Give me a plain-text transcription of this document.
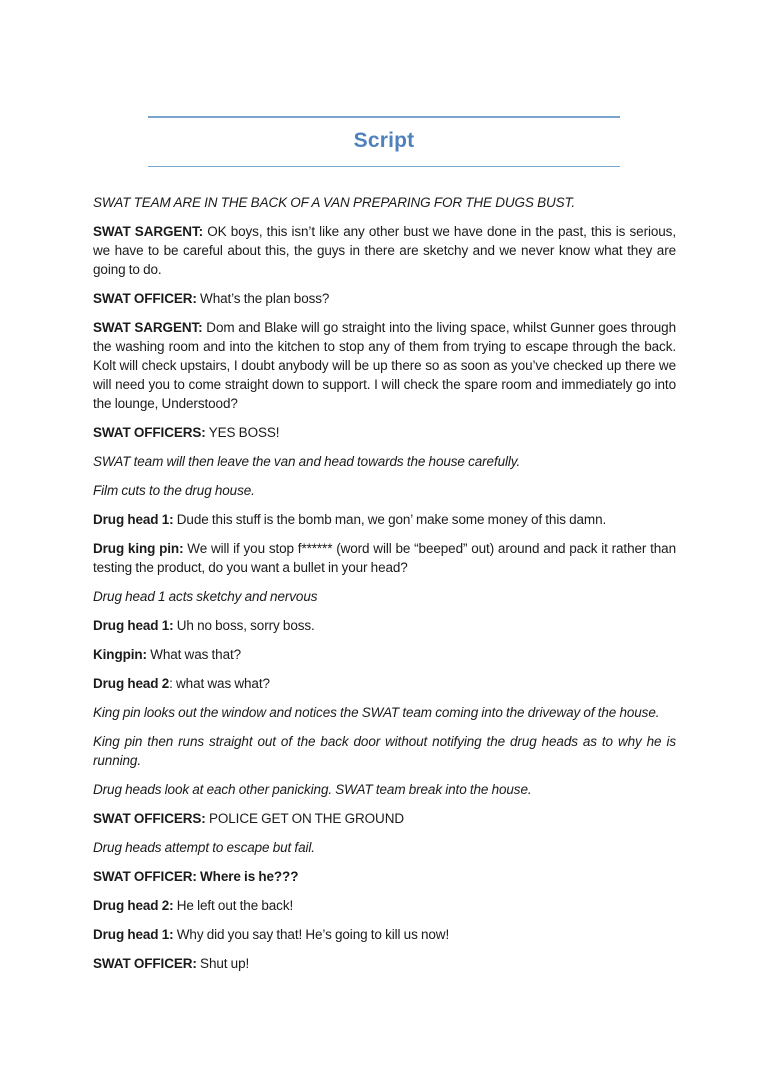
Script

SWAT TEAM ARE IN THE BACK OF A VAN PREPARING FOR THE DUGS BUST.

SWAT SARGENT: OK boys, this isn’t like any other bust we have done in the past, this is serious, we have to be careful about this, the guys in there are sketchy and we never know what they are going to do.

SWAT OFFICER: What’s the plan boss?

SWAT SARGENT: Dom and Blake will go straight into the living space, whilst Gunner goes through the washing room and into the kitchen to stop any of them from trying to escape through the back. Kolt will check upstairs, I doubt anybody will be up there so as soon as you’ve checked up there we will need you to come straight down to support. I will check the spare room and immediately go into the lounge, Understood?

SWAT OFFICERS: YES BOSS!

SWAT team will then leave the van and head towards the house carefully.

Film cuts to the drug house.

Drug head 1: Dude this stuff is the bomb man, we gon’ make some money of this damn.

Drug king pin: We will if you stop f****** (word will be “beeped” out) around and pack it rather than testing the product, do you want a bullet in your head?

Drug head 1 acts sketchy and nervous

Drug head 1: Uh no boss, sorry boss.

Kingpin: What was that?

Drug head 2: what was what?

King pin looks out the window and notices the SWAT team coming into the driveway of the house.

King pin then runs straight out of the back door without notifying the drug heads as to why he is running.

Drug heads look at each other panicking. SWAT team break into the house.

SWAT OFFICERS: POLICE GET ON THE GROUND

Drug heads attempt to escape but fail.

SWAT OFFICER: Where is he???

Drug head 2: He left out the back!

Drug head 1: Why did you say that! He’s going to kill us now!

SWAT OFFICER: Shut up!
